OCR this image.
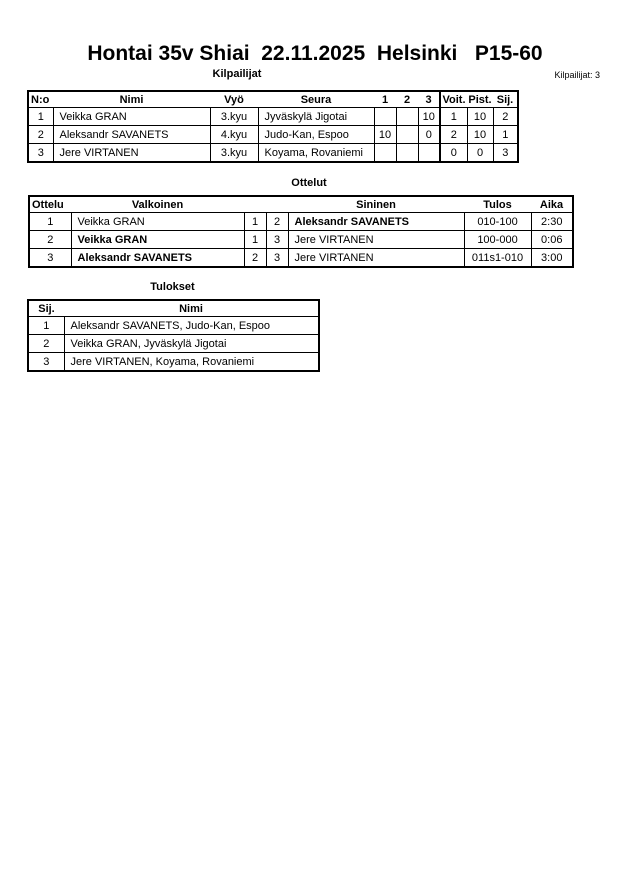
Hontai 35v Shiai  22.11.2025  Helsinki   P15-60
Kilpailijat	Kilpailijat: 3
N:o	Nimi	Vyö	Seura	1	2	3	Voit.	Pist.	Sij.
1	Veikka GRAN	3.kyu	Jyväskylä Jigotai			10	1	10	2
2	Aleksandr SAVANETS	4.kyu	Judo-Kan, Espoo	10		0	2	10	1
3	Jere VIRTANEN	3.kyu	Koyama, Rovaniemi				0	0	3
Ottelut
Ottelu	Valkoinen			Sininen	Tulos	Aika
1	Veikka GRAN	1	2	Aleksandr SAVANETS	010-100	2:30
2	Veikka GRAN	1	3	Jere VIRTANEN	100-000	0:06
3	Aleksandr SAVANETS	2	3	Jere VIRTANEN	011s1-010	3:00
Tulokset
Sij.	Nimi
1	Aleksandr SAVANETS, Judo-Kan, Espoo
2	Veikka GRAN, Jyväskylä Jigotai
3	Jere VIRTANEN, Koyama, Rovaniemi
